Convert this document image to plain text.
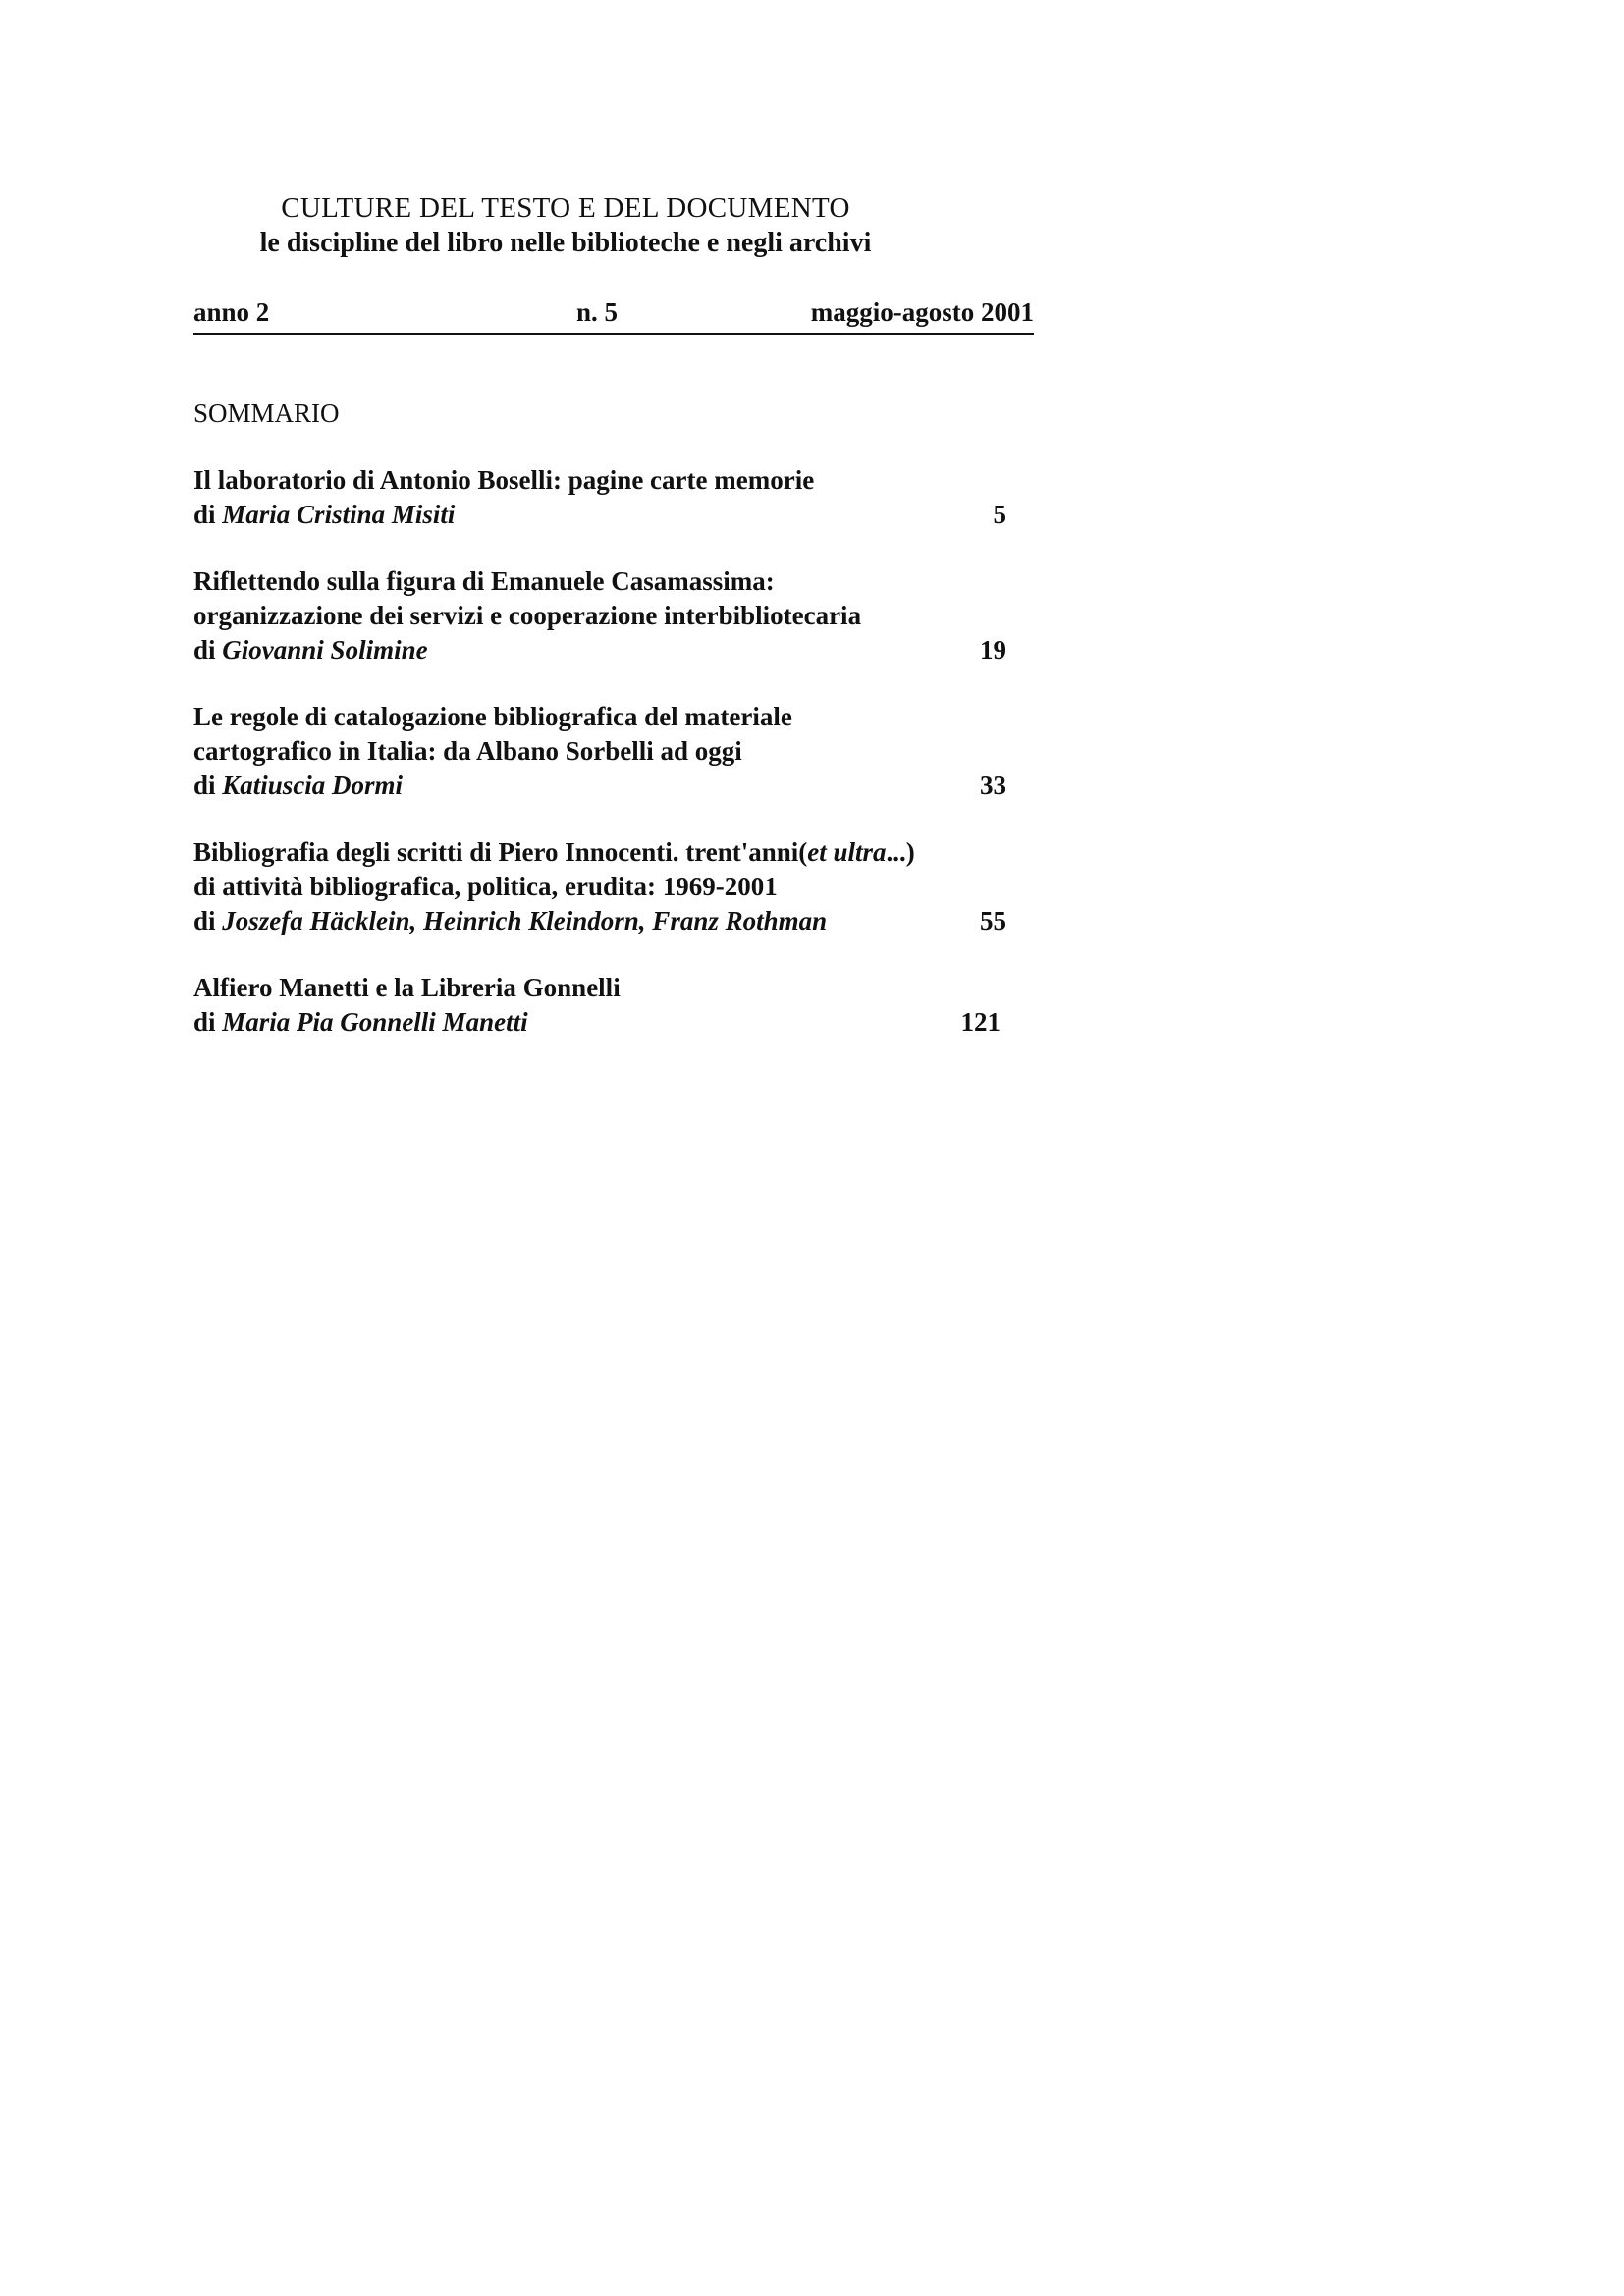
CULTURE DEL TESTO E DEL DOCUMENTO
le discipline del libro nelle biblioteche e negli archivi
anno 2	n. 5	maggio-agosto 2001
SOMMARIO
Il laboratorio di Antonio Boselli: pagine carte memorie
di Maria Cristina Misiti	5
Riflettendo sulla figura di Emanuele Casamassima:
organizzazione dei servizi e cooperazione interbibliotecaria
di Giovanni Solimine	19
Le regole di catalogazione bibliografica del materiale
cartografico in Italia: da Albano Sorbelli ad oggi
di Katiuscia Dormi	33
Bibliografia degli scritti di Piero Innocenti. trent'anni(et ultra...)
di attività bibliografica, politica, erudita: 1969-2001
di Joszefa Häcklein, Heinrich Kleindorn, Franz Rothman	55
Alfiero Manetti e la Libreria Gonnelli
di Maria Pia Gonnelli Manetti	121
